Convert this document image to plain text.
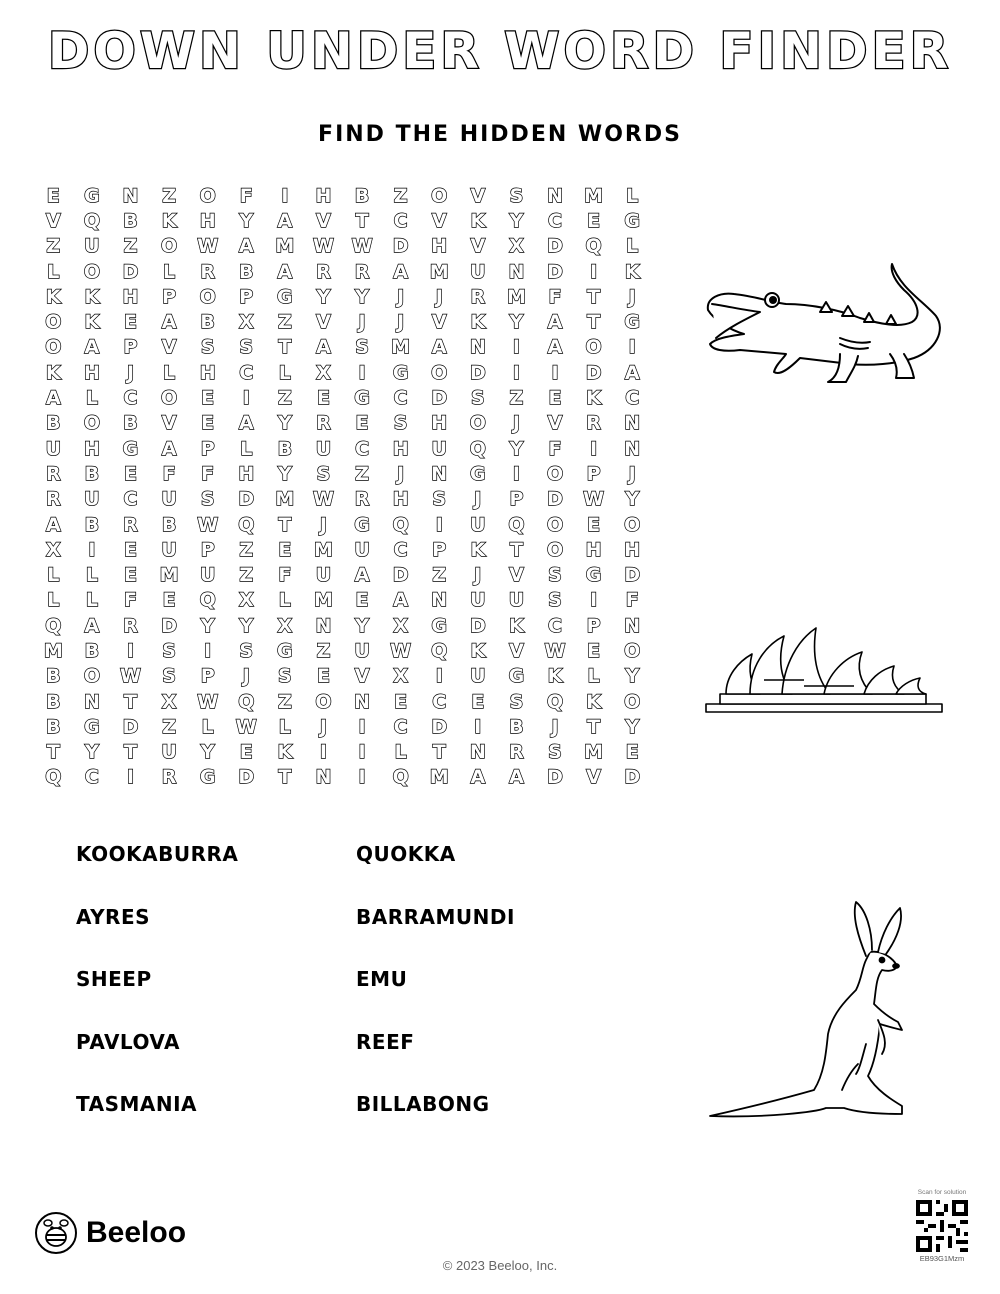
DOWN UNDER WORD FINDER
FIND THE HIDDEN WORDS
E	G	N	Z	O	F	I	H	B	Z	O	V	S	N	M	L
V	Q	B	K	H	Y	A	V	T	C	V	K	Y	C	E	G
Z	U	Z	O	W	A	M W W	D	H	V	X	D	Q	L
L	O	D	L	R	B	A	R	R	A	M	U	N	D	I	K
K	K	H	P	O	P	G	Y	Y	J	J	R	M	F	T	J
O	K	E	A	B	X	Z	V	J	J	V	K	Y	A	T	G
O	A	P	V	S	S	T	A	S	M	A	N	I	A	O	I
K	H	J	L	H	C	L	X	I	G	O	D	I	I	D	A
A	L	C	O	E	I	Z	E	G	C	D	S	Z	E	K	C
B	O	B	V	E	A	Y	R	E	S	H	O	J	V	R	N
U	H	G	A	P	L	B	U	C	H	U	Q	Y	F	I	N
R	B	E	F	F	H	Y	S	Z	J	N	G	I	O	P	J
R	U	C	U	S	D	M W	R	H	S	J	P	D	W	Y
A	B	R	B	W	Q	T	J	G	Q	I	U	Q	O	E	O
X	I	E	U	P	Z	E	M	U	C	P	K	T	O	H	H
L	L	E	M	U	Z	F	U	A	D	Z	J	V	S	G	D
L	L	F	E	Q	X	L	M	E	A	N	U	U	S	I	F
Q	A	R	D	Y	Y	X	N	Y	X	G	D	K	C	P	N
M	B	I	S	I	S	G	Z	U	W	Q	K	V	W	E	O
B	O	W	S	P	J	S	E	V	X	I	U	G	K	L	Y
B	N	T	X	W	Q	Z	O	N	E	C	E	S	Q	K	O
B	G	D	Z	L	W	L	J	I	C	D	I	B	J	T	Y
T	Y	T	U	Y	E	K	I	I	L	T	N	R	S	M	E
Q	C	I	R	G	D	T	N	I	Q	M	A	A	D	V	D
KOOKABURRA	QUOKKA
AYRES	BARRAMUNDI
SHEEP	EMU
PAVLOVA	REEF
TASMANIA	BILLABONG
Beeloo
© 2023 Beeloo, Inc.
Scan for solution
EB93G1Mzm
